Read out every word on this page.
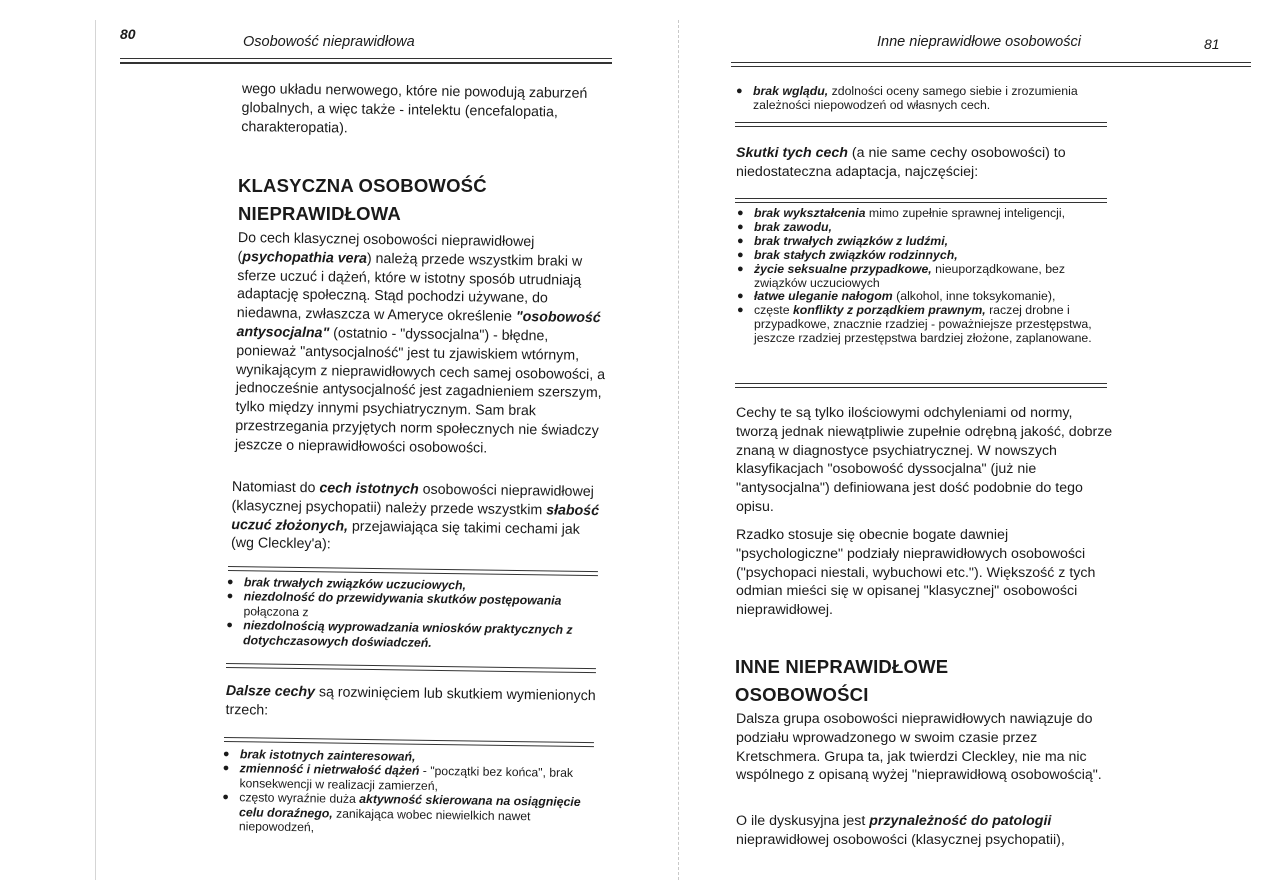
80	Osobowość nieprawidłowa

wego układu nerwowego, które nie powodują zaburzeń globalnych, a więc także - intelektu (encefalopatia, charakteropatia).

KLASYCZNA OSOBOWOŚĆ
NIEPRAWIDŁOWA

Do cech klasycznej osobowości nieprawidłowej (psychopathia vera) należą przede wszystkim braki w sferze uczuć i dążeń, które w istotny sposób utrudniają adaptację społeczną. Stąd pochodzi używane, do niedawna, zwłaszcza w Ameryce określenie "osobowość antysocjalna" (ostatnio - "dyssocjalna") - błędne, ponieważ "antysocjalność" jest tu zjawiskiem wtórnym, wynikającym z nieprawidłowych cech samej osobowości, a jednocześnie antysocjalność jest zagadnieniem szerszym, tylko między innymi psychiatrycznym. Sam brak przestrzegania przyjętych norm społecznych nie świadczy jeszcze o nieprawidłowości osobowości.

Natomiast do cech istotnych osobowości nieprawidłowej (klasycznej psychopatii) należy przede wszystkim słabość uczuć złożonych, przejawiająca się takimi cechami jak (wg Cleckley'a):

● brak trwałych związków uczuciowych,
● niezdolność do przewidywania skutków postępowania połączona z
● niezdolnością wyprowadzania wniosków praktycznych z dotychczasowych doświadczeń.

Dalsze cechy są rozwinięciem lub skutkiem wymienionych trzech:

● brak istotnych zainteresowań,
● zmienność i nietrwałość dążeń - "początki bez końca", brak konsekwencji w realizacji zamierzeń,
● często wyraźnie duża aktywność skierowana na osiągnięcie celu doraźnego, zanikająca wobec niewielkich nawet niepowodzeń,
Inne nieprawidłowe osobowości	81
● brak wglądu, zdolności oceny samego siebie i zrozumienia zależności niepowodzeń od własnych cech.

Skutki tych cech (a nie same cechy osobowości) to niedostateczna adaptacja, najczęściej:

● brak wykształcenia mimo zupełnie sprawnej inteligencji,
● brak zawodu,
● brak trwałych związków z ludźmi,
● brak stałych związków rodzinnych,
● życie seksualne przypadkowe, nieuporządkowane, bez związków uczuciowych
● łatwe uleganie nałogom (alkohol, inne toksykomanie),
● częste konflikty z porządkiem prawnym, raczej drobne i przypadkowe, znacznie rzadziej - poważniejsze przestępstwa, jeszcze rzadziej przestępstwa bardziej złożone, zaplanowane.

Cechy te są tylko ilościowymi odchyleniami od normy, tworzą jednak niewątpliwie zupełnie odrębną jakość, dobrze znaną w diagnostyce psychiatrycznej. W nowszych klasyfikacjach "osobowość dyssocjalna" (już nie "antysocjalna") definiowana jest dość podobnie do tego opisu.

Rzadko stosuje się obecnie bogate dawniej "psychologiczne" podziały nieprawidłowych osobowości ("psychopaci niestali, wybuchowi etc."). Większość z tych odmian mieści się w opisanej "klasycznej" osobowości nieprawidłowej.

INNE NIEPRAWIDŁOWE
OSOBOWOŚCI

Dalsza grupa osobowości nieprawidłowych nawiązuje do podziału wprowadzonego w swoim czasie przez Kretschmera. Grupa ta, jak twierdzi Cleckley, nie ma nic wspólnego z opisaną wyżej "nieprawidłową osobowością".

O ile dyskusyjna jest przynależność do patologii nieprawidłowej osobowości (klasycznej psychopatii),
